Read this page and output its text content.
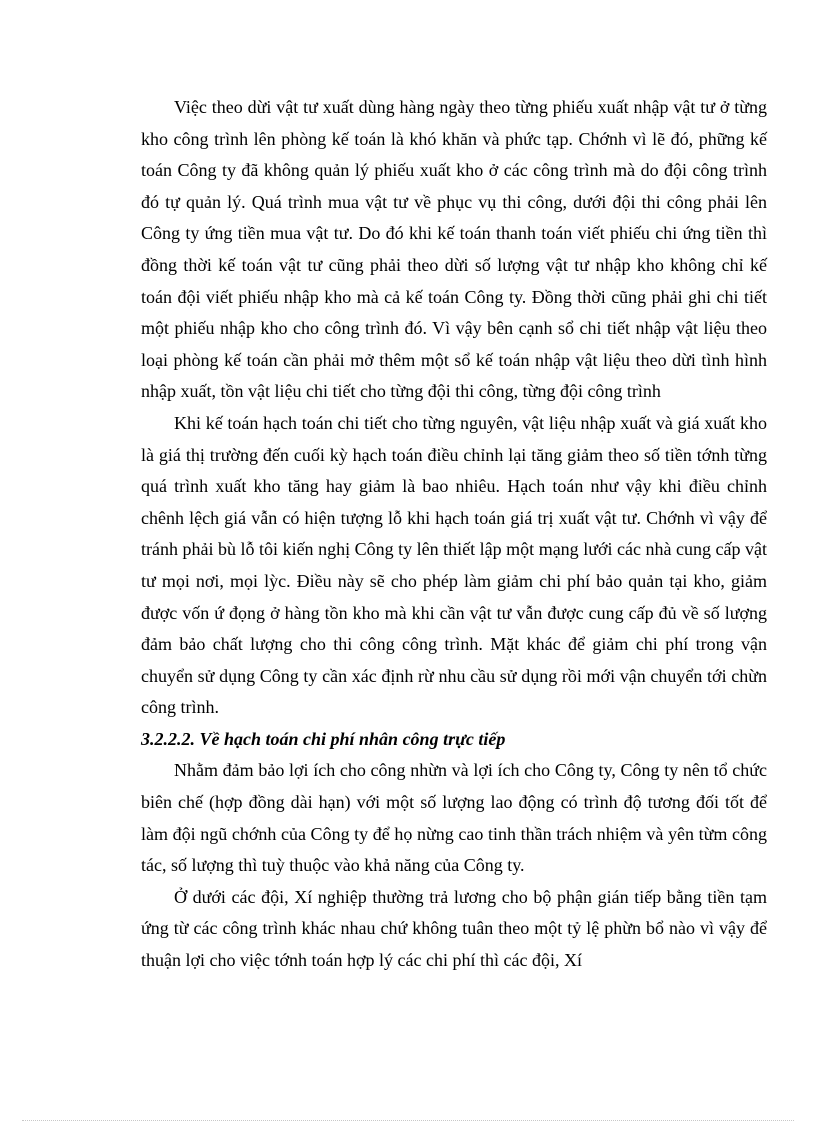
Việc theo dừi vật tư xuất dùng hàng ngày theo từng phiếu xuất nhập vật tư ở từng kho công trình lên phòng kế toán là khó khăn và phức tạp. Chớnh vì lẽ đó, phững kế toán Công ty đã không quản lý phiếu xuất kho ở các công trình mà do đội công trình đó tự quản lý. Quá trình mua vật tư về phục vụ thi công, dưới đội thi công phải lên Công ty ứng tiền mua vật tư. Do đó khi kế toán thanh toán viết phiếu chi ứng tiền thì đồng thời kế toán vật tư cũng phải theo dừi số lượng vật tư nhập kho không chỉ kế toán đội viết phiếu nhập kho mà cả kế toán Công ty. Đồng thời cũng phải ghi chi tiết một phiếu nhập kho cho công trình đó. Vì vậy bên cạnh sổ chi tiết nhập vật liệu theo loại phòng kế toán cần phải mở thêm một sổ kế toán nhập vật liệu theo dừi tình hình nhập xuất, tồn vật liệu chi tiết cho từng đội thi công, từng đội công trình

Khi kế toán hạch toán chi tiết cho từng nguyên, vật liệu nhập xuất và giá xuất kho là giá thị trường đến cuối kỳ hạch toán điều chỉnh lại tăng giảm theo số tiền tớnh từng quá trình xuất kho tăng hay giảm là bao nhiêu. Hạch toán như vậy khi điều chỉnh chênh lệch giá vẫn có hiện tượng lỗ khi hạch toán giá trị xuất vật tư. Chớnh vì vậy để tránh phải bù lỗ tôi kiến nghị Công ty lên thiết lập một mạng lưới các nhà cung cấp vật tư mọi nơi, mọi lỳc. Điều này sẽ cho phép làm giảm chi phí bảo quản tại kho, giảm được vốn ứ đọng ở hàng tồn kho mà khi cần vật tư vẫn được cung cấp đủ về số lượng đảm bảo chất lượng cho thi công công trình. Mặt khác để giảm chi phí trong vận chuyển sử dụng Công ty cần xác định rừ nhu cầu sử dụng rồi mới vận chuyển tới chừn công trình.

3.2.2.2. Về hạch toán chi phí nhân công trực tiếp

Nhằm đảm bảo lợi ích cho công nhừn và lợi ích cho Công ty, Công ty nên tổ chức biên chế (hợp đồng dài hạn) với một số lượng lao động có trình độ tương đối tốt để làm đội ngũ chớnh của Công ty để họ nừng cao tinh thần trách nhiệm và yên từm công tác, số lượng thì tuỳ thuộc vào khả năng của Công ty.

Ở dưới các đội, Xí nghiệp thường trả lương cho bộ phận gián tiếp bằng tiền tạm ứng từ các công trình khác nhau chứ không tuân theo một tỷ lệ phừn bổ nào vì vậy để thuận lợi cho việc tớnh toán hợp lý các chi phí thì các đội, Xí
